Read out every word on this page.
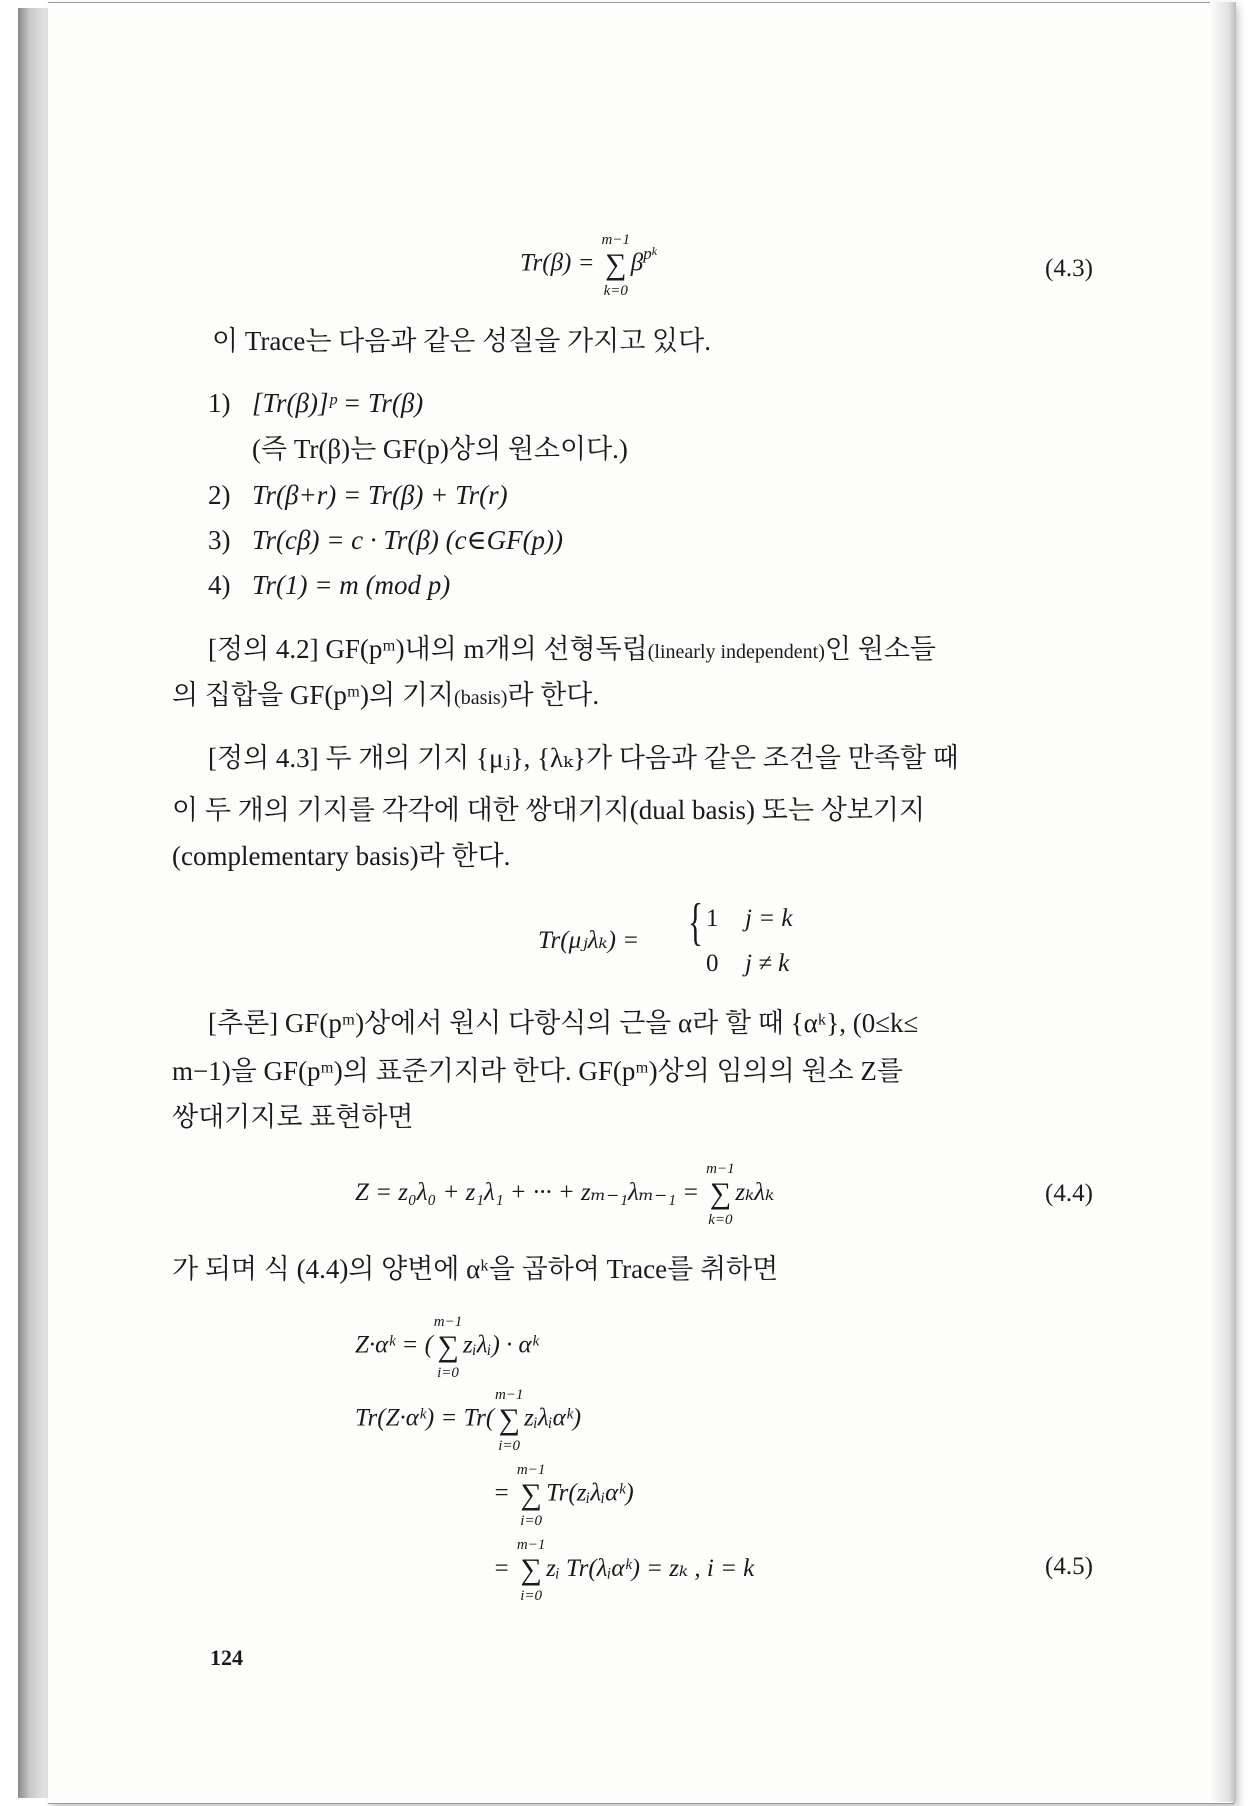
Tr(β) =
m−1
∑
k=0
$\beta^{pk}$
(4.3)
이 Trace는 다음과 같은 성질을 가지고 있다.
1) [Tr(β)]ᵖ = Tr(β)
(즉 Tr(β)는 GF(p)상의 원소이다.)
2) Tr(β+r) = Tr(β) + Tr(r)
3) Tr(cβ) = c · Tr(β) (c∈GF(p))
4) Tr(1) = m (mod p)
[정의 4.2] GF(pᵐ)내의 m개의 선형독립(linearly independent)인 원소들
의 집합을 GF(pᵐ)의 기지(basis)라 한다.
[정의 4.3] 두 개의 기지 {μⱼ}, {λₖ}가 다음과 같은 조건을 만족할 때
이 두 개의 기지를 각각에 대한 쌍대기지(dual basis) 또는 상보기지
(complementary basis)라 한다.
Tr(μⱼλₖ) = { 1 j = k
0 j ≠ k
[추론] GF(pᵐ)상에서 원시 다항식의 근을 α라 할 때 {αᵏ}, (0≤k≤
m−1)을 GF(pᵐ)의 표준기지라 한다. GF(pᵐ)상의 임의의 원소 Z를
쌍대기지로 표현하면
Z = z₀λ₀ + z₁λ₁ + ··· + zₘ₋₁λₘ₋₁ =
m−1
∑
k=0
zₖλₖ	(4.4)
가 되며 식 (4.4)의 양변에 αᵏ을 곱하여 Trace를 취하면
Z·αᵏ = (
m−1
∑
i=0
zᵢλᵢ) · αᵏ
Tr(Z·αᵏ) = Tr(
m−1
∑
i=0
zᵢλᵢαᵏ)
=
m−1
∑
i=0
Tr(zᵢλᵢαᵏ)
=
m−1
∑
i=0
zᵢ Tr(λᵢαᵏ) = zₖ , i = k	(4.5)
124
